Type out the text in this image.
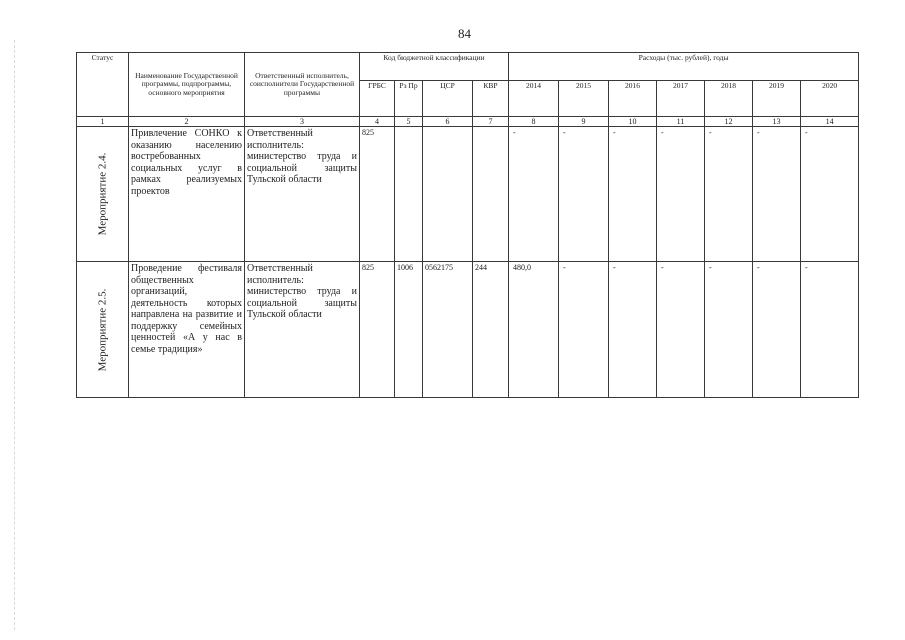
84
Статус	Наименование Государственной программы, подпрограммы, основного мероприятия	Ответственный исполнитель, соисполнители Государственной программы	Код бюджетной классификации				Расходы (тыс. рублей), годы						
			ГРБС	Рз Пр	ЦСР	КВР	2014	2015	2016	2017	2018	2019	2020
1	2	3	4	5	6	7	8	9	10	11	12	13	14

Мероприятие 2.4.	Привлечение СОНКО к оказанию населению востребованных социальных услуг в рамках реализуемых проектов	Ответственный исполнитель: министерство труда и социальной защиты Тульской области	825				-	-	-	-	-	-	-

Мероприятие 2.5.	Проведение фестиваля общественных организаций, деятельность которых направлена на развитие и поддержку семейных ценностей «А у нас в семье традиция»	Ответственный исполнитель: министерство труда и социальной защиты Тульской области	825	1006	0562175	244	480,0	-	-	-	-	-	-
